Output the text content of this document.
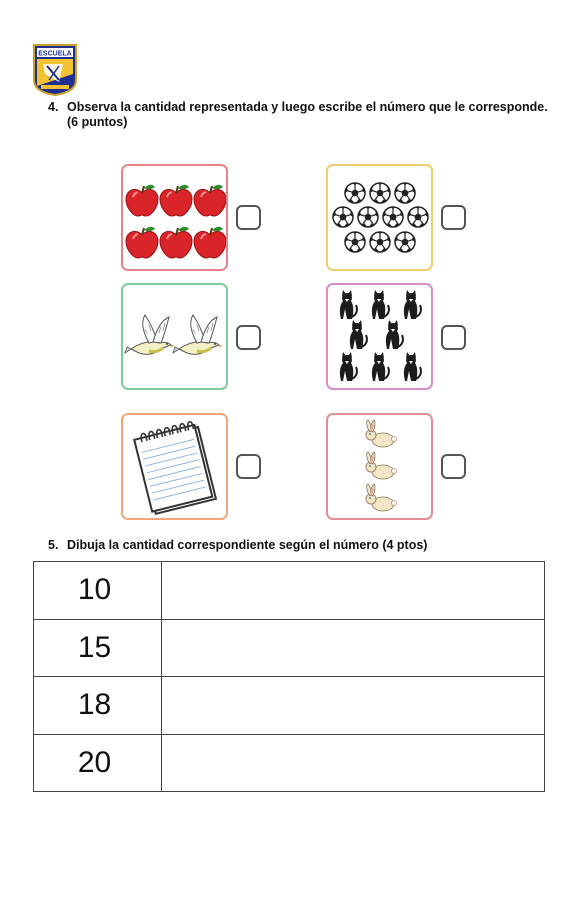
ESCUELA
4. Observa la cantidad representada y luego escribe el número que le corresponde. (6 puntos)
5. Dibuja la cantidad correspondiente según el número (4 ptos)
10	
15	
18	
20	
